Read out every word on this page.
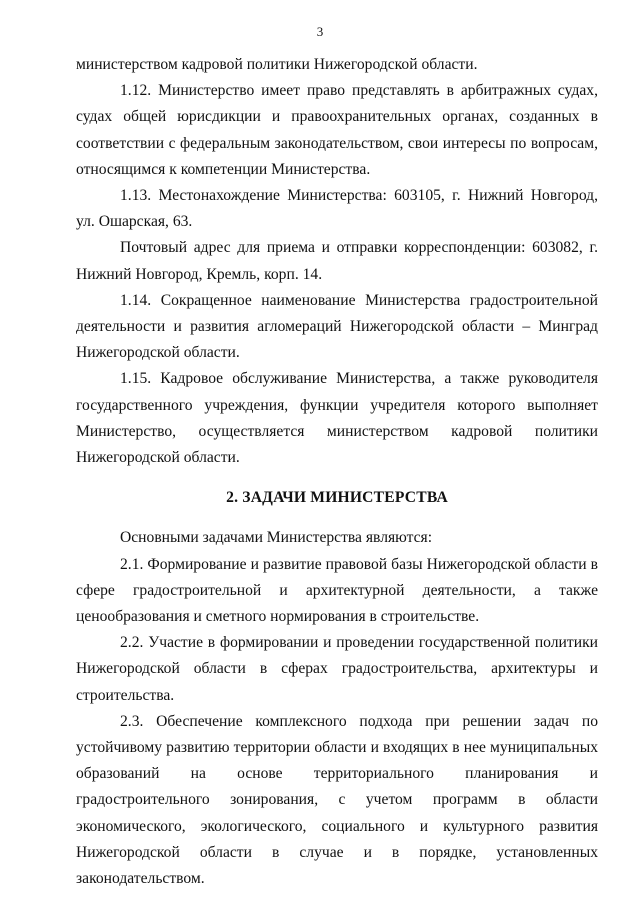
3

министерством кадровой политики Нижегородской области.

1.12. Министерство имеет право представлять в арбитражных судах, судах общей юрисдикции и правоохранительных органах, созданных в соответствии с федеральным законодательством, свои интересы по вопросам, относящимся к компетенции Министерства.

1.13. Местонахождение Министерства: 603105, г. Нижний Новгород, ул. Ошарская, 63.

Почтовый адрес для приема и отправки корреспонденции: 603082, г. Нижний Новгород, Кремль, корп. 14.

1.14. Сокращенное наименование Министерства градостроительной деятельности и развития агломераций Нижегородской области – Минград Нижегородской области.

1.15. Кадровое обслуживание Министерства, а также руководителя государственного учреждения, функции учредителя которого выполняет Министерство, осуществляется министерством кадровой политики Нижегородской области.

2. ЗАДАЧИ МИНИСТЕРСТВА

Основными задачами Министерства являются:

2.1. Формирование и развитие правовой базы Нижегородской области в сфере градостроительной и архитектурной деятельности, а также ценообразования и сметного нормирования в строительстве.

2.2. Участие в формировании и проведении государственной политики Нижегородской области в сферах градостроительства, архитектуры и строительства.

2.3. Обеспечение комплексного подхода при решении задач по устойчивому развитию территории области и входящих в нее муниципальных образований на основе территориального планирования и градостроительного зонирования, с учетом программ в области экономического, экологического, социального и культурного развития Нижегородской области в случае и в порядке, установленных законодательством.
